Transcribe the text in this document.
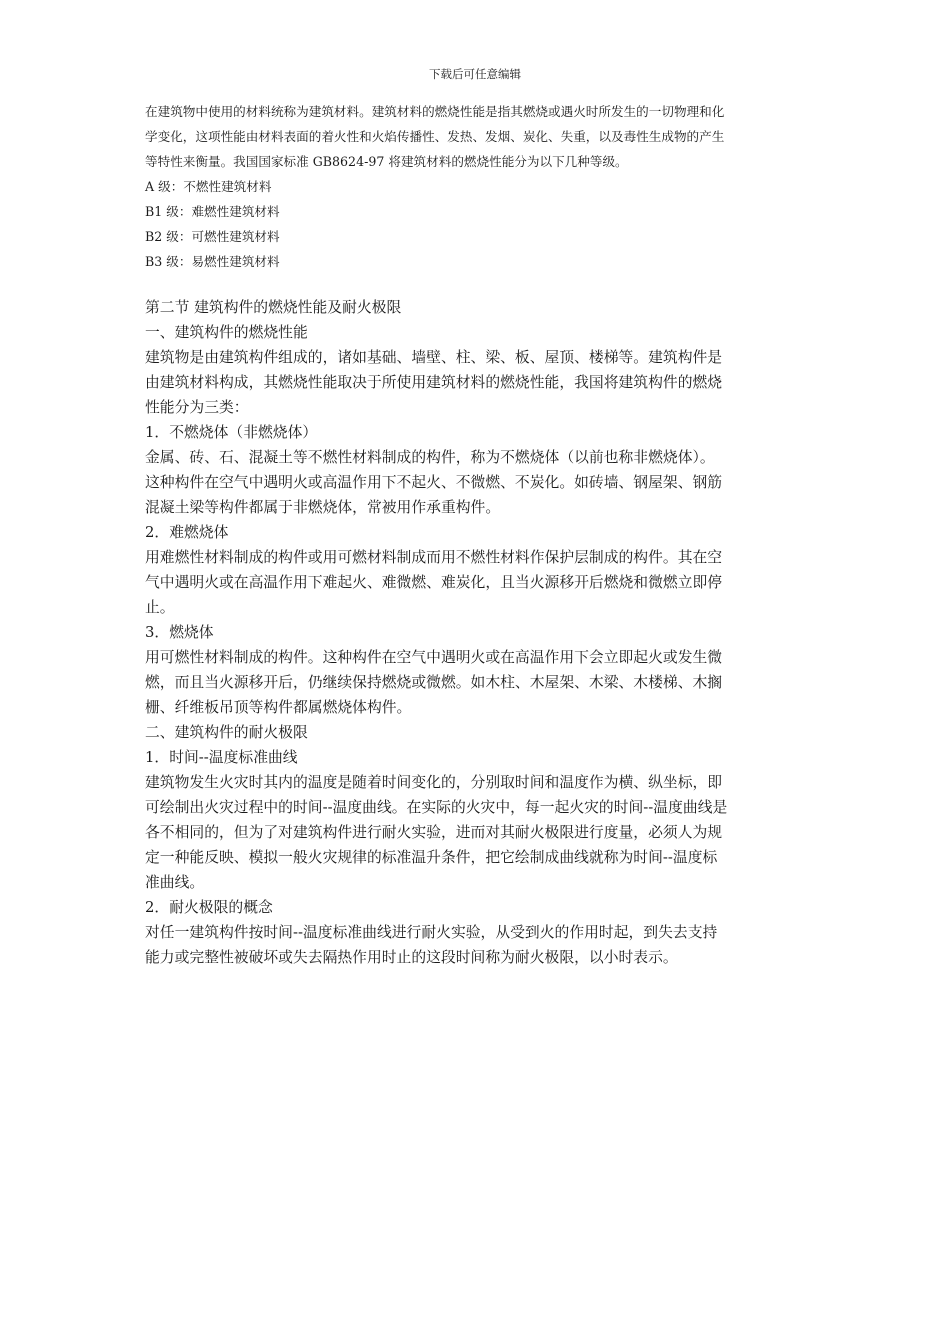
下载后可任意编辑

在建筑物中使用的材料统称为建筑材料。建筑材料的燃烧性能是指其燃烧或遇火时所发生的一切物理和化

学变化，这项性能由材料表面的着火性和火焰传播性、发热、发烟、炭化、失重，以及毒性生成物的产生

等特性来衡量。我国国家标准 GB8624-97 将建筑材料的燃烧性能分为以下几种等级。

A 级：不燃性建筑材料

B1 级：难燃性建筑材料

B2 级：可燃性建筑材料

B3 级：易燃性建筑材料

第二节 建筑构件的燃烧性能及耐火极限

一、建筑构件的燃烧性能

建筑物是由建筑构件组成的，诸如基础、墙壁、柱、梁、板、屋顶、楼梯等。建筑构件是

由建筑材料构成，其燃烧性能取决于所使用建筑材料的燃烧性能，我国将建筑构件的燃烧

性能分为三类：

1．不燃烧体（非燃烧体）

金属、砖、石、混凝土等不燃性材料制成的构件，称为不燃烧体（以前也称非燃烧体）。

这种构件在空气中遇明火或高温作用下不起火、不微燃、不炭化。如砖墙、钢屋架、钢筋

混凝土梁等构件都属于非燃烧体，常被用作承重构件。

2．难燃烧体

用难燃性材料制成的构件或用可燃材料制成而用不燃性材料作保护层制成的构件。其在空

气中遇明火或在高温作用下难起火、难微燃、难炭化，且当火源移开后燃烧和微燃立即停

止。

3．燃烧体

用可燃性材料制成的构件。这种构件在空气中遇明火或在高温作用下会立即起火或发生微

燃，而且当火源移开后，仍继续保持燃烧或微燃。如木柱、木屋架、木梁、木楼梯、木搁

栅、纤维板吊顶等构件都属燃烧体构件。

二、建筑构件的耐火极限

1．时间--温度标准曲线

建筑物发生火灾时其内的温度是随着时间变化的，分别取时间和温度作为横、纵坐标，即

可绘制出火灾过程中的时间--温度曲线。在实际的火灾中，每一起火灾的时间--温度曲线是

各不相同的，但为了对建筑构件进行耐火实验，进而对其耐火极限进行度量，必须人为规

定一种能反映、模拟一般火灾规律的标准温升条件，把它绘制成曲线就称为时间--温度标

准曲线。

2．耐火极限的概念

对任一建筑构件按时间--温度标准曲线进行耐火实验，从受到火的作用时起，到失去支持

能力或完整性被破坏或失去隔热作用时止的这段时间称为耐火极限，以小时表示。
